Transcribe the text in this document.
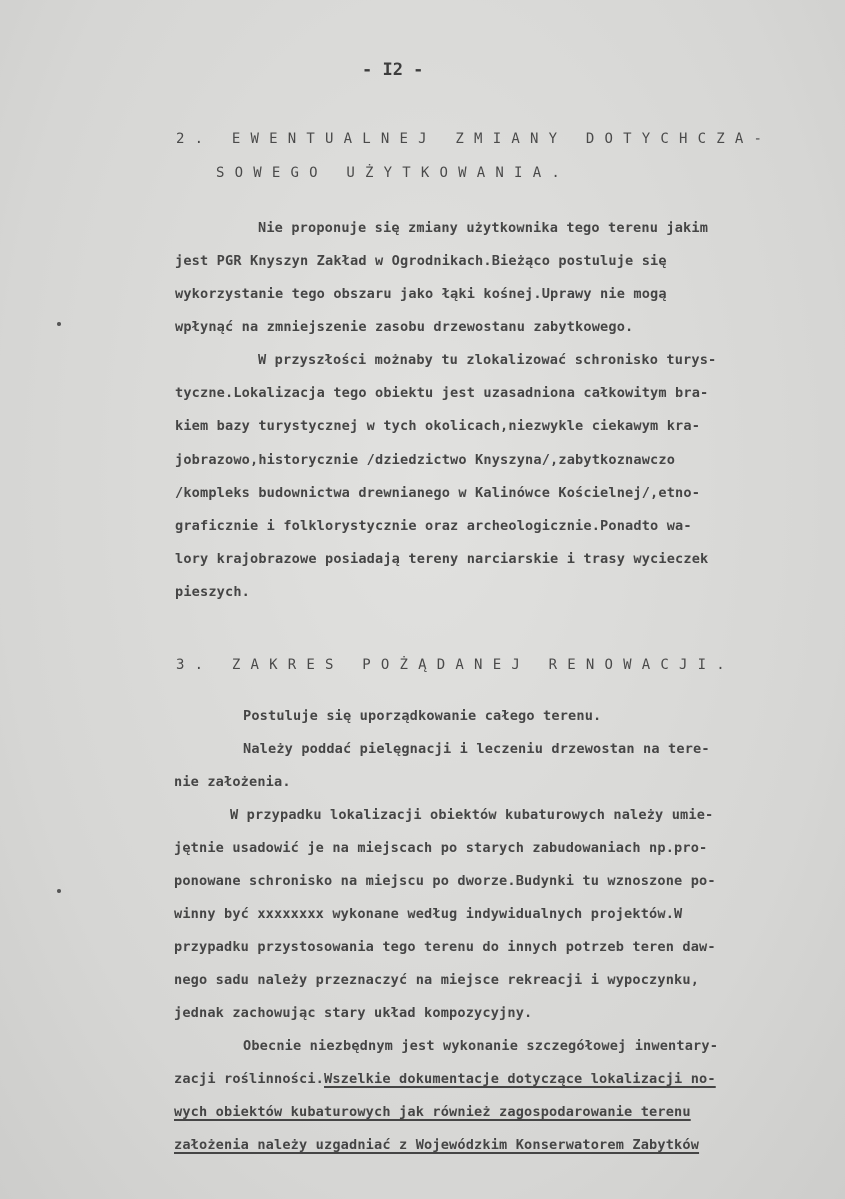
- I2 -
2. EWENTUALNEJ ZMIANY DOTYCHCZA-
SOWEGO UŻYTKOWANIA.
Nie proponuje się zmiany użytkownika tego terenu jakim
jest PGR Knyszyn Zakład w Ogrodnikach.Bieżąco postuluje się
wykorzystanie tego obszaru jako łąki kośnej.Uprawy nie mogą
wpłynąć na zmniejszenie zasobu drzewostanu zabytkowego.
W przyszłości możnaby tu zlokalizować schronisko turys-
tyczne.Lokalizacja tego obiektu jest uzasadniona całkowitym bra-
kiem bazy turystycznej w tych okolicach,niezwykle ciekawym kra-
jobrazowo,historycznie /dziedzictwo Knyszyna/,zabytkoznawczo
/kompleks budownictwa drewnianego w Kalinówce Kościelnej/,etno-
graficznie i folklorystycznie oraz archeologicznie.Ponadto wa-
lory krajobrazowe posiadają tereny narciarskie i trasy wycieczek
pieszych.
3. ZAKRES POŻĄDANEJ RENOWACJI.
Postuluje się uporządkowanie całego terenu.
Należy poddać pielęgnacji i leczeniu drzewostan na tere-
nie założenia.
W przypadku lokalizacji obiektów kubaturowych należy umie-
jętnie usadowić je na miejscach po starych zabudowaniach np.pro-
ponowane schronisko na miejscu po dworze.Budynki tu wznoszone po-
winny być xxxxxxxx wykonane według indywidualnych projektów.W
przypadku przystosowania tego terenu do innych potrzeb teren daw-
nego sadu należy przeznaczyć na miejsce rekreacji i wypoczynku,
jednak zachowując stary układ kompozycyjny.
Obecnie niezbędnym jest wykonanie szczegółowej inwentary-
zacji roślinności.Wszelkie dokumentacje dotyczące lokalizacji no-
wych obiektów kubaturowych jak również zagospodarowanie terenu
założenia należy uzgadniać z Wojewódzkim Konserwatorem Zabytków
